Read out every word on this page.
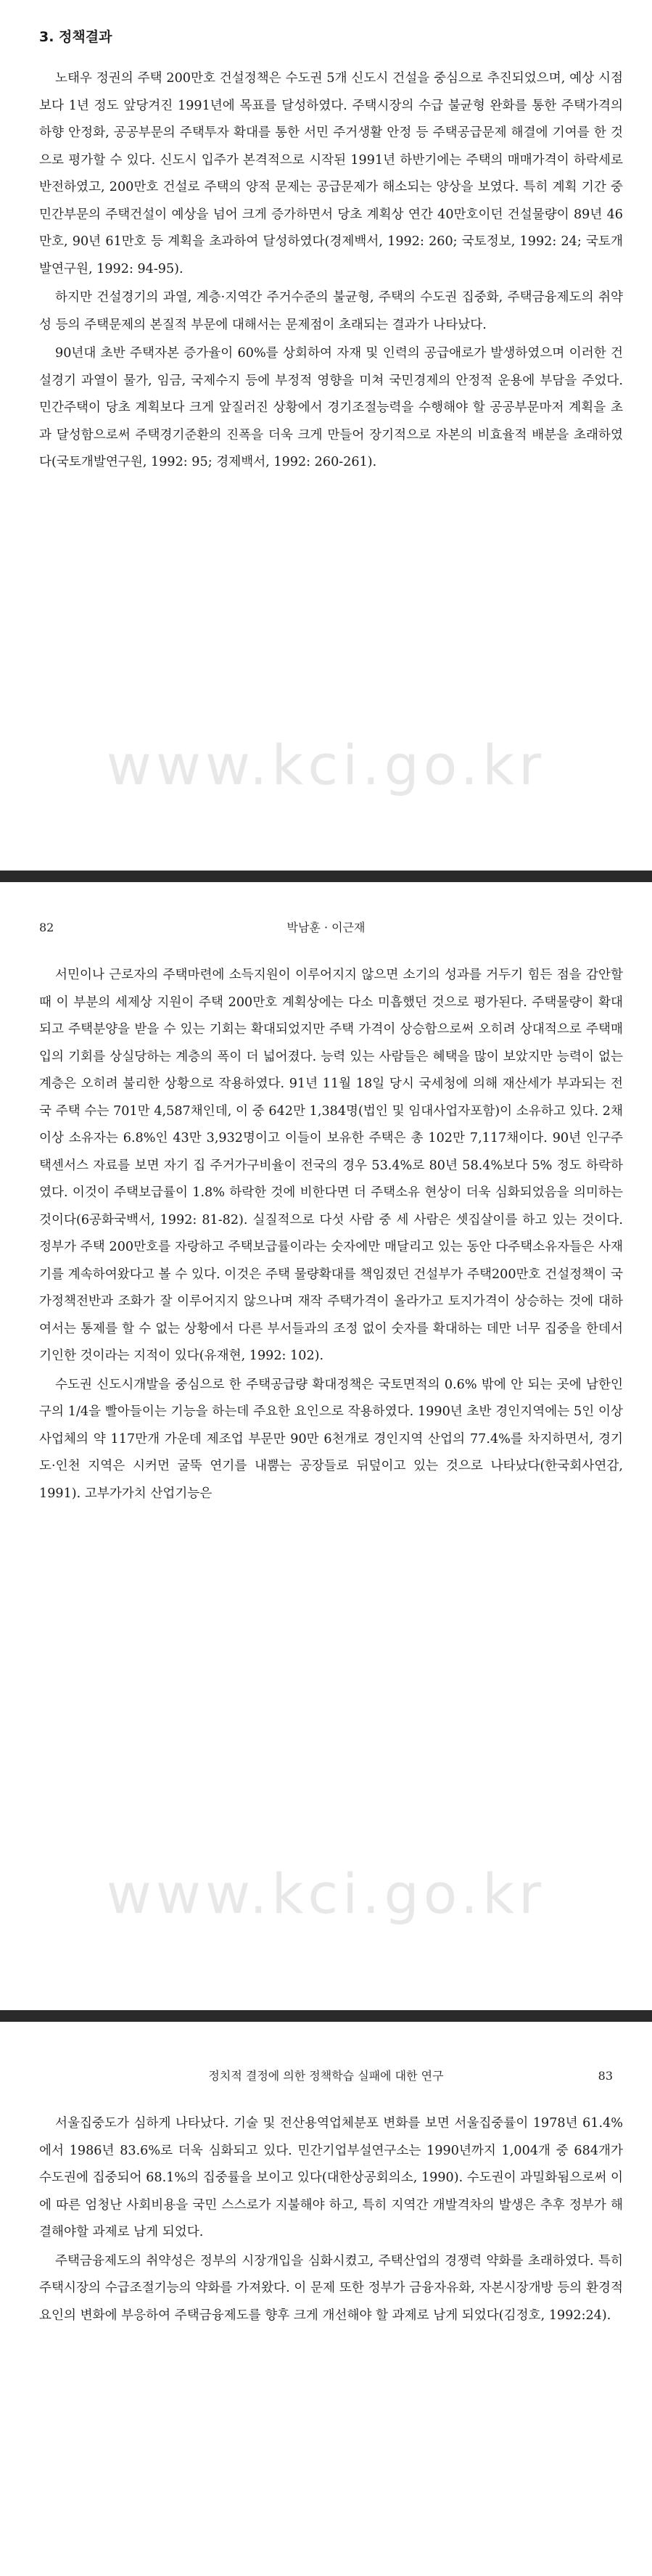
3. 정책결과

노태우 정권의 주택 200만호 건설정책은 수도권 5개 신도시 건설을 중심으로 추진되었으며, 예상 시점보다 1년 정도 앞당겨진 1991년에 목표를 달성하였다. 주택시장의 수급 불균형 완화를 통한 주택가격의 하향 안정화, 공공부문의 주택투자 확대를 통한 서민 주거생활 안정 등 주택공급문제 해결에 기여를 한 것으로 평가할 수 있다. 신도시 입주가 본격적으로 시작된 1991년 하반기에는 주택의 매매가격이 하락세로 반전하였고, 200만호 건설로 주택의 양적 문제는 공급문제가 해소되는 양상을 보였다. 특히 계획 기간 중 민간부문의 주택건설이 예상을 넘어 크게 증가하면서 당초 계획상 연간 40만호이던 건설물량이 89년 46만호, 90년 61만호 등 계획을 초과하여 달성하였다(경제백서, 1992: 260; 국토정보, 1992: 24; 국토개발연구원, 1992: 94-95).

하지만 건설경기의 과열, 계층·지역간 주거수준의 불균형, 주택의 수도권 집중화, 주택금융제도의 취약성 등의 주택문제의 본질적 부문에 대해서는 문제점이 초래되는 결과가 나타났다.

90년대 초반 주택자본 증가율이 60%를 상회하여 자재 및 인력의 공급애로가 발생하였으며 이러한 건설경기 과열이 물가, 임금, 국제수지 등에 부정적 영향을 미쳐 국민경제의 안정적 운용에 부담을 주었다. 민간주택이 당초 계획보다 크게 앞질러진 상황에서 경기조절능력을 수행해야 할 공공부문마저 계획을 초과 달성함으로써 주택경기준환의 진폭을 더욱 크게 만들어 장기적으로 자본의 비효율적 배분을 초래하였다(국토개발연구원, 1992: 95; 경제백서, 1992: 260-261).

www.kci.go.kr
82	박남훈 · 이근재

서민이나 근로자의 주택마련에 소득지원이 이루어지지 않으면 소기의 성과를 거두기 힘든 점을 감안할 때 이 부분의 세제상 지원이 주택 200만호 계획상에는 다소 미흡했던 것으로 평가된다. 주택물량이 확대되고 주택분양을 받을 수 있는 기회는 확대되었지만 주택 가격이 상승함으로써 오히려 상대적으로 주택매입의 기회를 상실당하는 계층의 폭이 더 넓어졌다. 능력 있는 사람들은 혜택을 많이 보았지만 능력이 없는 계층은 오히려 불리한 상황으로 작용하였다. 91년 11월 18일 당시 국세청에 의해 재산세가 부과되는 전국 주택 수는 701만 4,587채인데, 이 중 642만 1,384명(법인 및 임대사업자포함)이 소유하고 있다. 2채 이상 소유자는 6.8%인 43만 3,932명이고 이들이 보유한 주택은 총 102만 7,117채이다. 90년 인구주택센서스 자료를 보면 자기 집 주거가구비율이 전국의 경우 53.4%로 80년 58.4%보다 5% 정도 하락하였다. 이것이 주택보급률이 1.8% 하락한 것에 비한다면 더 주택소유 현상이 더욱 심화되었음을 의미하는 것이다(6공화국백서, 1992: 81-82). 실질적으로 다섯 사람 중 세 사람은 셋집살이를 하고 있는 것이다. 정부가 주택 200만호를 자랑하고 주택보급률이라는 숫자에만 매달리고 있는 동안 다주택소유자들은 사재기를 계속하여왔다고 볼 수 있다. 이것은 주택 물량확대를 책임졌던 건설부가 주택200만호 건설정책이 국가정책전반과 조화가 잘 이루어지지 않으나며 재작 주택가격이 올라가고 토지가격이 상승하는 것에 대하여서는 통제를 할 수 없는 상황에서 다른 부서들과의 조정 없이 숫자를 확대하는 데만 너무 집중을 한데서 기인한 것이라는 지적이 있다(유재현, 1992: 102).

수도권 신도시개발을 중심으로 한 주택공급량 확대정책은 국토면적의 0.6% 밖에 안 되는 곳에 남한인구의 1/4을 빨아들이는 기능을 하는데 주요한 요인으로 작용하였다. 1990년 초반 경인지역에는 5인 이상 사업체의 약 117만개 가운데 제조업 부문만 90만 6천개로 경인지역 산업의 77.4%를 차지하면서, 경기도·인천 지역은 시커먼 굴뚝 연기를 내뿜는 공장들로 뒤덮이고 있는 것으로 나타났다(한국회사연감, 1991). 고부가가치 산업기능은

www.kci.go.kr
정치적 결정에 의한 정책학습 실패에 대한 연구	83

서울집중도가 심하게 나타났다. 기술 및 전산용역업체분포 변화를 보면 서울집중률이 1978년 61.4%에서 1986년 83.6%로 더욱 심화되고 있다. 민간기업부설연구소는 1990년까지 1,004개 중 684개가 수도권에 집중되어 68.1%의 집중률을 보이고 있다(대한상공회의소, 1990). 수도권이 과밀화됨으로써 이에 따른 엄청난 사회비용을 국민 스스로가 지불해야 하고, 특히 지역간 개발격차의 발생은 추후 정부가 해결해야할 과제로 남게 되었다.

주택금융제도의 취약성은 정부의 시장개입을 심화시켰고, 주택산업의 경쟁력 약화를 초래하였다. 특히 주택시장의 수급조절기능의 약화를 가져왔다. 이 문제 또한 정부가 금융자유화, 자본시장개방 등의 환경적 요인의 변화에 부응하여 주택금융제도를 향후 크게 개선해야 할 과제로 남게 되었다(김정호, 1992:24).
